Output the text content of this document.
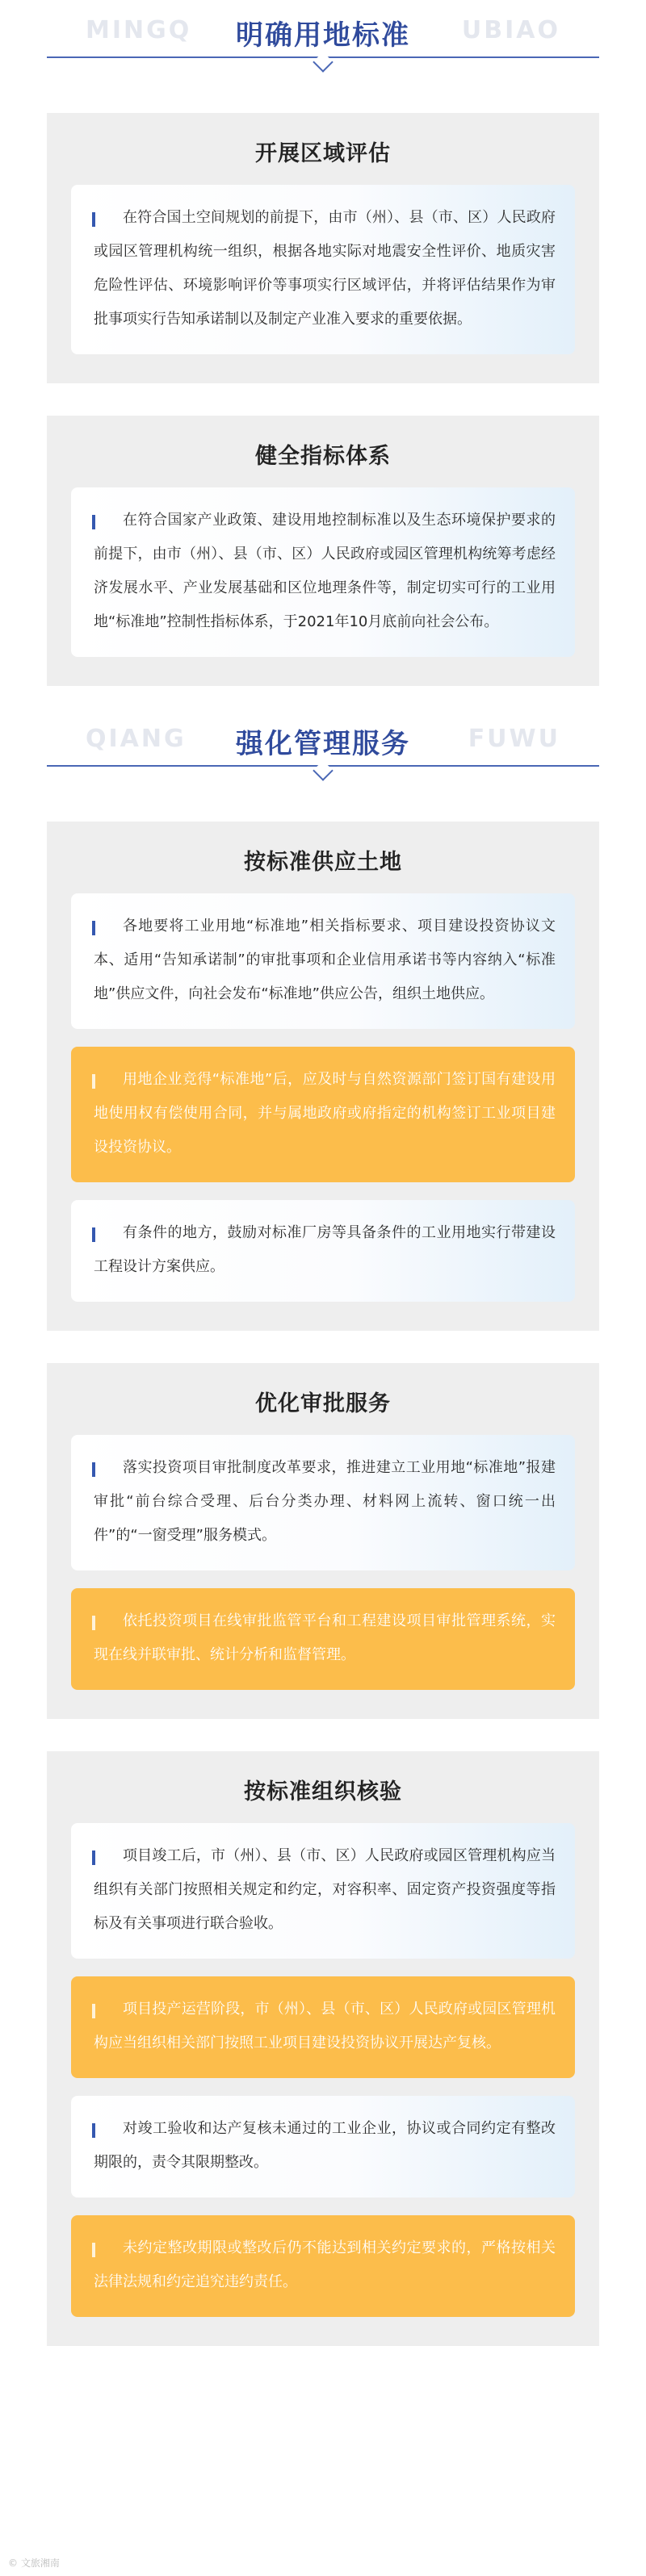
MINGQ	UBIAO
明确用地标准
开展区域评估

在符合国土空间规划的前提下，由市（州）、县（市、区）人民政府或园区管理机构统一组织，根据各地实际对地震安全性评价、地质灾害危险性评估、环境影响评价等事项实行区域评估，并将评估结果作为审批事项实行告知承诺制以及制定产业准入要求的重要依据。

健全指标体系

在符合国家产业政策、建设用地控制标准以及生态环境保护要求的前提下，由市（州）、县（市、区）人民政府或园区管理机构统筹考虑经济发展水平、产业发展基础和区位地理条件等，制定切实可行的工业用地“标准地”控制性指标体系，于2021年10月底前向社会公布。

QIANG	FUWU
强化管理服务
按标准供应土地

各地要将工业用地“标准地”相关指标要求、项目建设投资协议文本、适用“告知承诺制”的审批事项和企业信用承诺书等内容纳入“标准地”供应文件，向社会发布“标准地”供应公告，组织土地供应。

用地企业竞得“标准地”后，应及时与自然资源部门签订国有建设用地使用权有偿使用合同，并与属地政府或府指定的机构签订工业项目建设投资协议。

有条件的地方，鼓励对标准厂房等具备条件的工业用地实行带建设工程设计方案供应。

优化审批服务

落实投资项目审批制度改革要求，推进建立工业用地“标准地”报建审批“前台综合受理、后台分类办理、材料网上流转、窗口统一出件”的“一窗受理”服务模式。

依托投资项目在线审批监管平台和工程建设项目审批管理系统，实现在线并联审批、统计分析和监督管理。

按标准组织核验

项目竣工后，市（州）、县（市、区）人民政府或园区管理机构应当组织有关部门按照相关规定和约定，对容积率、固定资产投资强度等指标及有关事项进行联合验收。

项目投产运营阶段，市（州）、县（市、区）人民政府或园区管理机构应当组织相关部门按照工业项目建设投资协议开展达产复核。

对竣工验收和达产复核未通过的工业企业，协议或合同约定有整改期限的，责令其限期整改。

未约定整改期限或整改后仍不能达到相关约定要求的，严格按相关法律法规和约定追究违约责任。

© 文旅湘南
